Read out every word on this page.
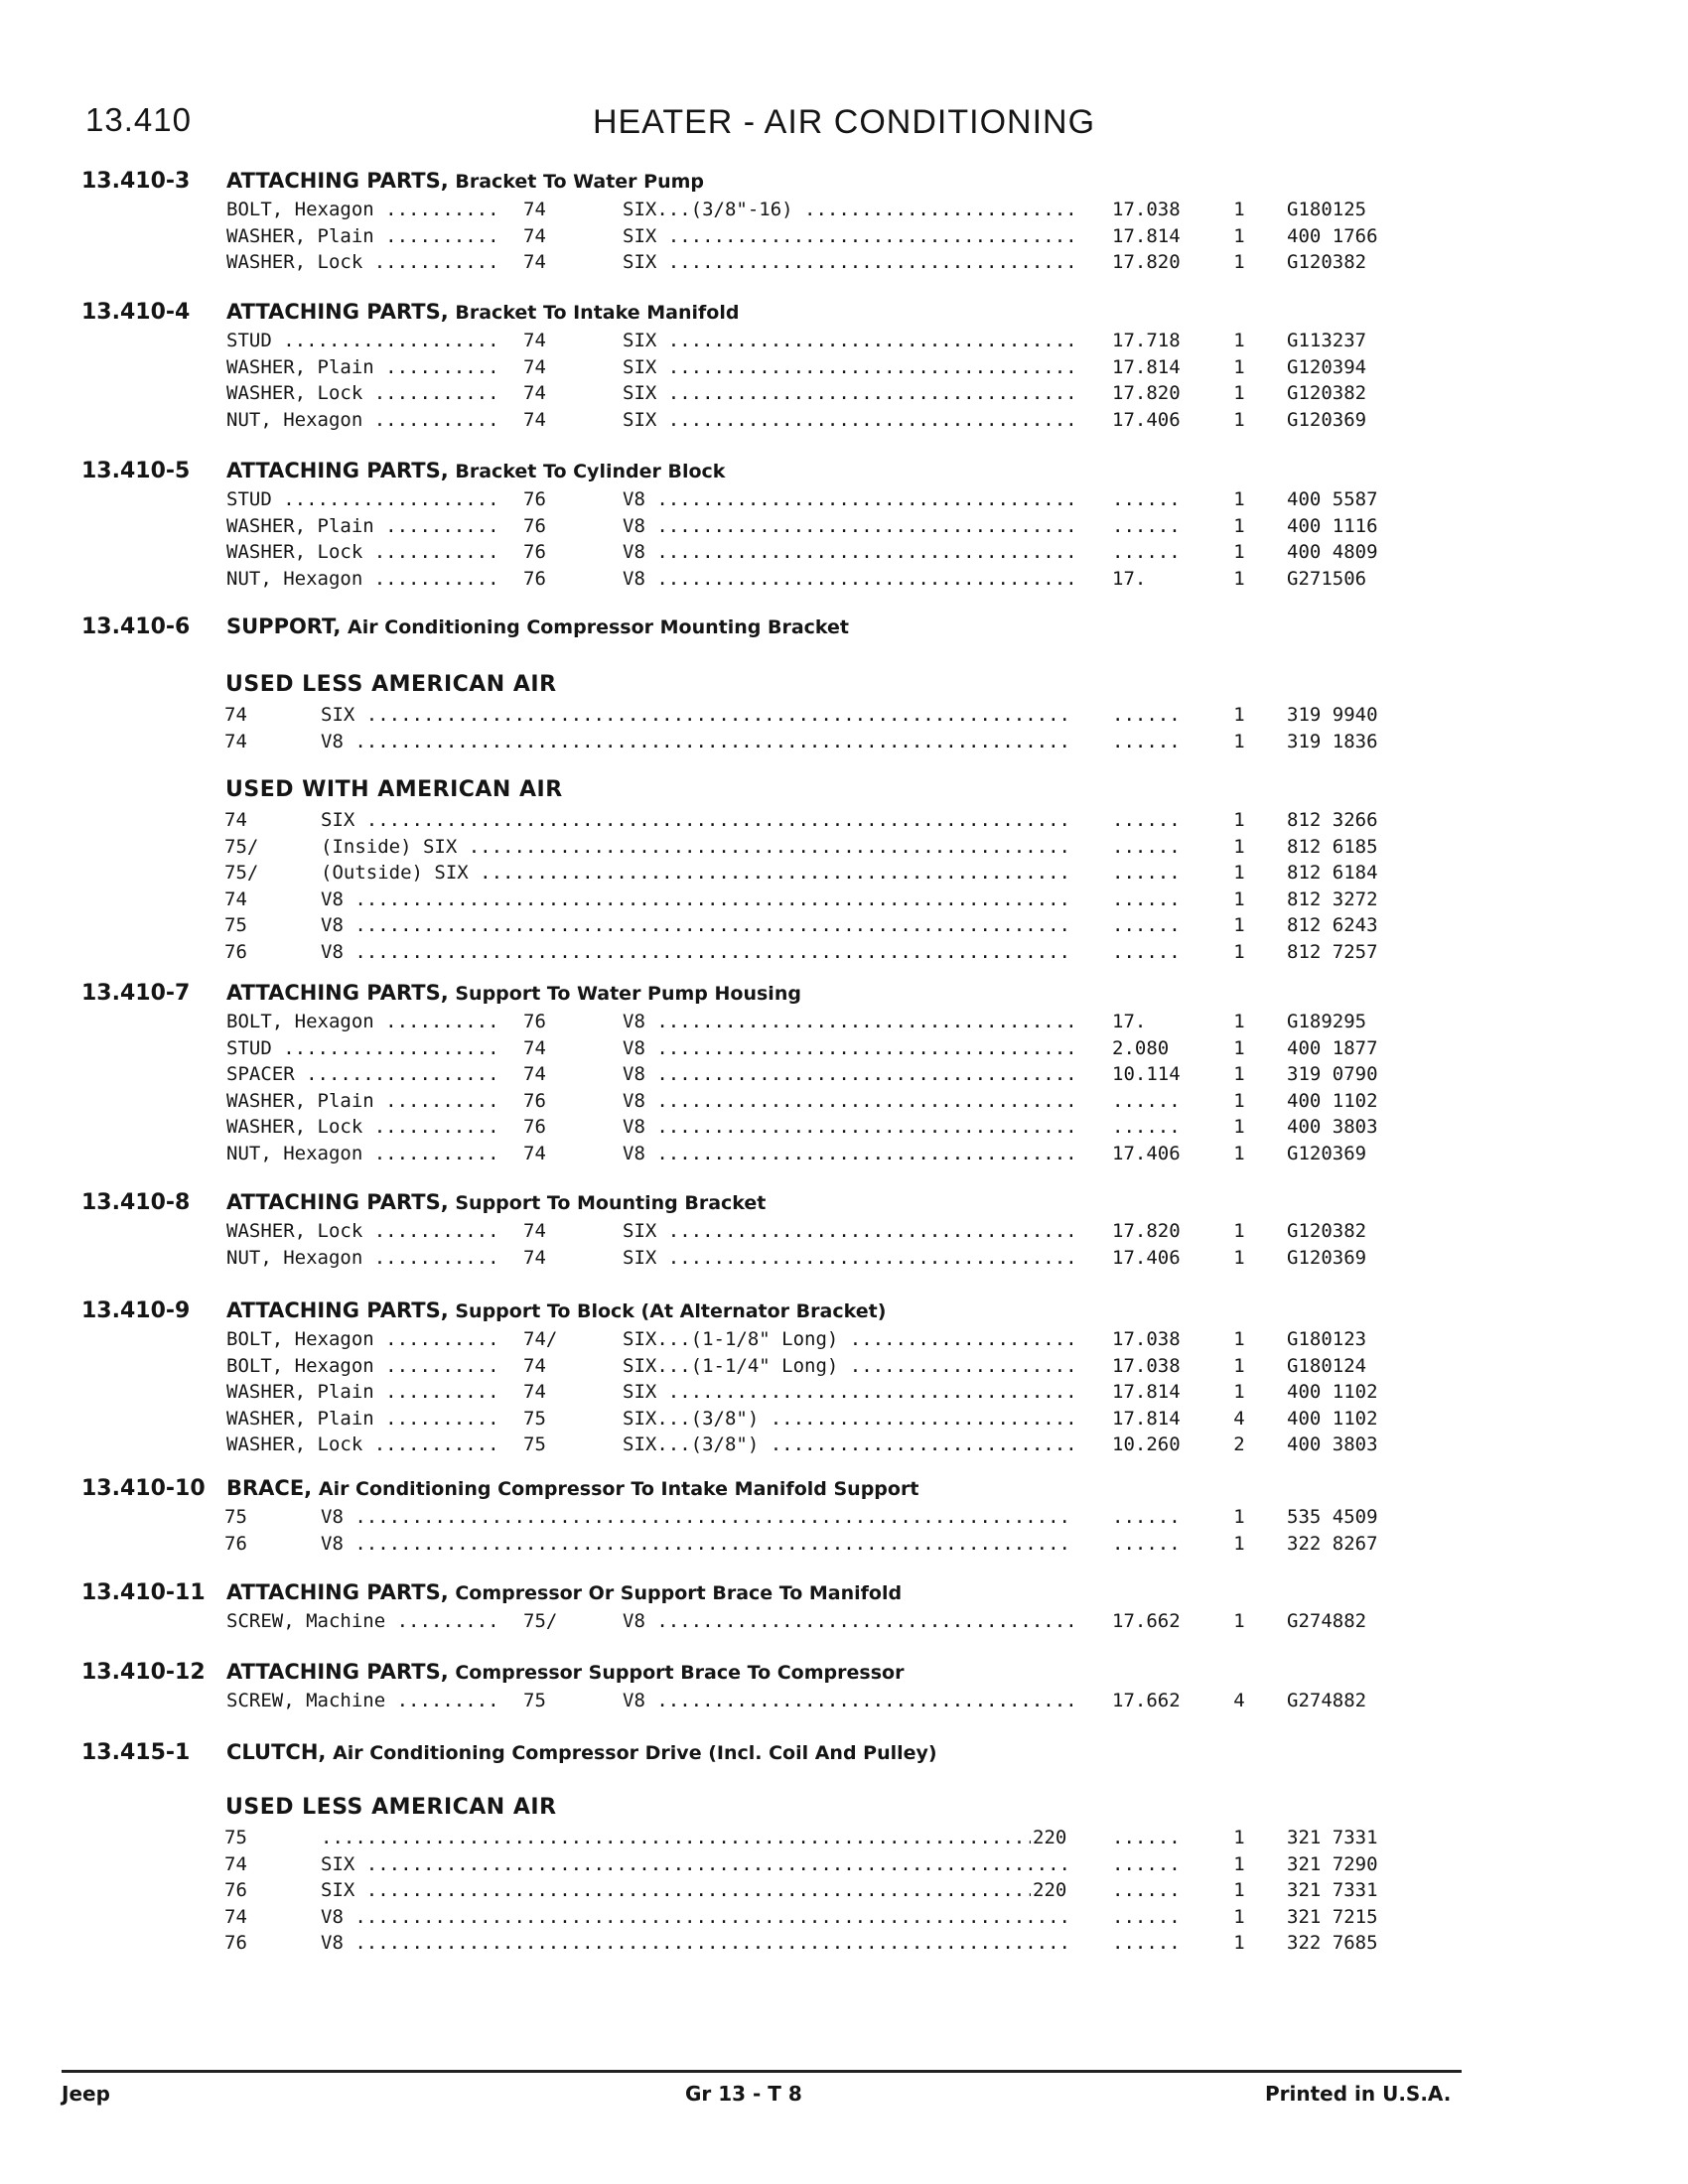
13.410	HEATER - AIR CONDITIONING
13.410-3 ATTACHING PARTS, Bracket To Water Pump
BOLT, Hexagon .....	74	SIX...(3/8"-16) .....	17.038	1	G180125
WASHER, Plain .....	74	SIX .....	17.814	1	400 1766
WASHER, Lock .....	74	SIX .....	17.820	1	G120382
13.410-4 ATTACHING PARTS, Bracket To Intake Manifold
STUD .....	74	SIX .....	17.718	1	G113237
WASHER, Plain .....	74	SIX .....	17.814	1	G120394
WASHER, Lock .....	74	SIX .....	17.820	1	G120382
NUT, Hexagon .....	74	SIX .....	17.406	1	G120369
13.410-5 ATTACHING PARTS, Bracket To Cylinder Block
STUD .....	76	V8 .....	......	1	400 5587
WASHER, Plain .....	76	V8 .....	......	1	400 1116
WASHER, Lock .....	76	V8 .....	......	1	400 4809
NUT, Hexagon .....	76	V8 .....	17.	1	G271506
13.410-6 SUPPORT, Air Conditioning Compressor Mounting Bracket
USED LESS AMERICAN AIR
74	SIX .....	......	1	319 9940
74	V8 .....	......	1	319 1836
USED WITH AMERICAN AIR
74	SIX .....	......	1	812 3266
75/	(Inside) SIX .....	......	1	812 6185
75/	(Outside) SIX .....	......	1	812 6184
74	V8 .....	......	1	812 3272
75	V8 .....	......	1	812 6243
76	V8 .....	......	1	812 7257
13.410-7 ATTACHING PARTS, Support To Water Pump Housing
BOLT, Hexagon .....	76	V8 .....	17.	1	G189295
STUD .....	74	V8 .....	2.080	1	400 1877
SPACER .....	74	V8 .....	10.114	1	319 0790
WASHER, Plain .....	76	V8 .....	......	1	400 1102
WASHER, Lock .....	76	V8 .....	......	1	400 3803
NUT, Hexagon .....	74	V8 .....	17.406	1	G120369
13.410-8 ATTACHING PARTS, Support To Mounting Bracket
WASHER, Lock .....	74	SIX .....	17.820	1	G120382
NUT, Hexagon .....	74	SIX .....	17.406	1	G120369
13.410-9 ATTACHING PARTS, Support To Block (At Alternator Bracket)
BOLT, Hexagon .....	74/	SIX...(1-1/8" Long) .....	17.038	1	G180123
BOLT, Hexagon .....	74	SIX...(1-1/4" Long) .....	17.038	1	G180124
WASHER, Plain .....	74	SIX .....	17.814	1	400 1102
WASHER, Plain .....	75	SIX...(3/8") .....	17.814	4	400 1102
WASHER, Lock .....	75	SIX...(3/8") .....	10.260	2	400 3803
13.410-10 BRACE, Air Conditioning Compressor To Intake Manifold Support
75	V8 .....	......	1	535 4509
76	V8 .....	......	1	322 8267
13.410-11 ATTACHING PARTS, Compressor Or Support Brace To Manifold
SCREW, Machine .....	75/	V8 .....	17.662	1	G274882
13.410-12 ATTACHING PARTS, Compressor Support Brace To Compressor
SCREW, Machine .....	75	V8 .....	17.662	4	G274882
13.415-1 CLUTCH, Air Conditioning Compressor Drive (Incl. Coil And Pulley)
USED LESS AMERICAN AIR
75
.....	220 ......	1	321 7331
74	SIX .....	......	1	321 7290
76	SIX .....	220 ......	1	321 7331
74	V8 .....	......	1	321 7215
76	V8 .....	......	1	322 7685
Jeep	Gr 13 - T 8	Printed in U.S.A.
